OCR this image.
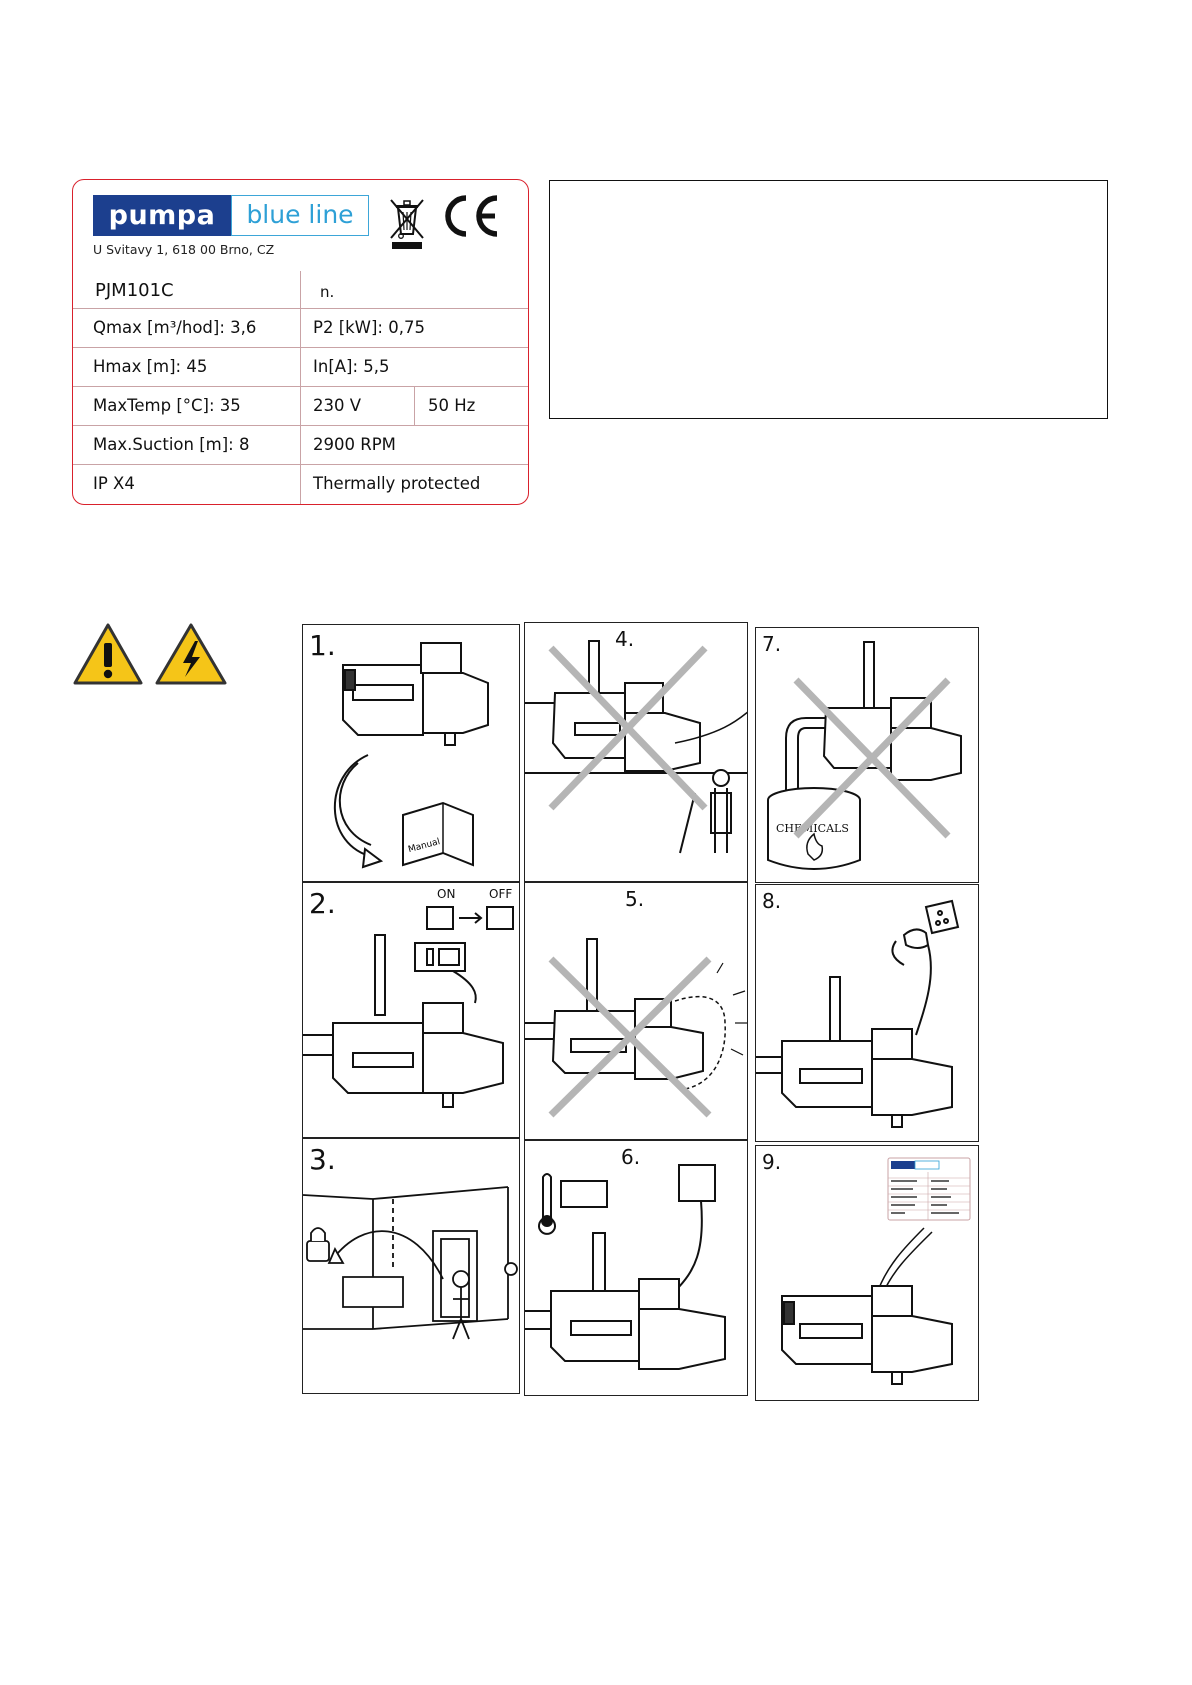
pumpa	blue line
U Svitavy 1, 618 00 Brno, CZ
PJM101C	n.
Qmax [m³/hod]: 3,6	P2 [kW]: 0,75
Hmax [m]: 45	In[A]: 5,5
MaxTemp [°C]: 35	230 V	50 Hz
Max.Suction [m]: 8	2900 RPM
IP X4	Thermally protected
1.
Manual
4.	7.
CHEMICALS
2.	ON	OFF	5.	8.
3.	6.	9.
